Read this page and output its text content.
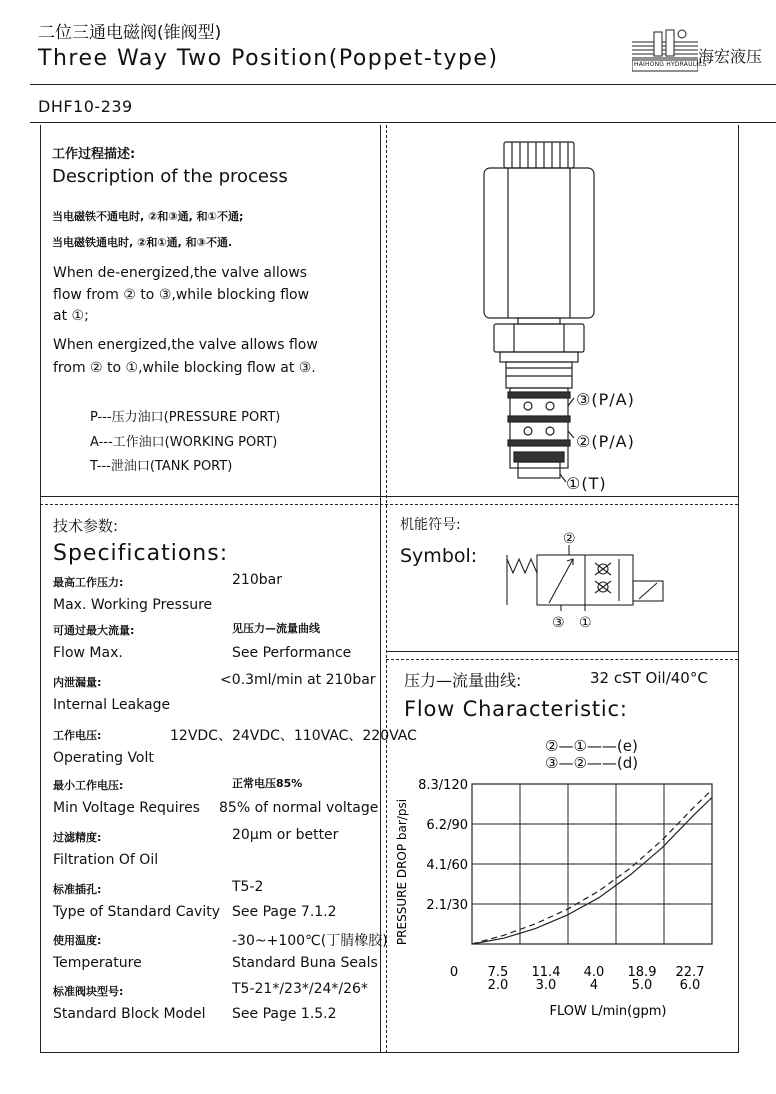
二位三通电磁阀(锥阀型)
Three Way Two Position(Poppet-type)	HAIHONG HYDRAULICS
海宏液压
DHF10-239
工作过程描述:
Description of the process
当电磁铁不通电时, ②和③通, 和①不通;
当电磁铁通电时, ②和①通, 和③不通.
When de-energized,the valve allows
flow from ② to ③,while blocking flow
at ①;
When energized,the valve allows flow
from ② to ①,while blocking flow at ③.
P---压力油口(PRESSURE PORT)
A---工作油口(WORKING PORT)
T---泄油口(TANK PORT)
③(P/A)
②(P/A)
①(T)
技术参数:
Specifications:
最高工作压力:	210bar
Max. Working Pressure
可通过最大流量:	见压力—流量曲线
Flow Max.	See Performance
内泄漏量:	<0.3ml/min at 210bar
Internal Leakage
工作电压:	12VDC、24VDC、110VAC、220VAC
Operating Volt
最小工作电压:	正常电压85%
Min Voltage Requires 85% of normal voltage
过滤精度:	20μm or better
Filtration Of Oil
标准插孔:	T5-2
Type of Standard Cavity See Page 7.1.2
使用温度:	-30~+100℃(丁腈橡胶)
Temperature	Standard Buna Seals
标准阀块型号:	T5-21*/23*/24*/26*
Standard Block Model See Page 1.5.2
机能符号:
Symbol:
②
③ ①
压力—流量曲线:	32 cST Oil/40°C
Flow Characteristic:
②—①——(e)
③—②——(d)
8.3/120
6.2/90
4.1/60
2.1/30
PRESSURE DROP bar/psi
0 7.5
2.0
11.4
3.0
4.0
4
18.9
5.0
22.7
6.0
FLOW L/min(gpm)
